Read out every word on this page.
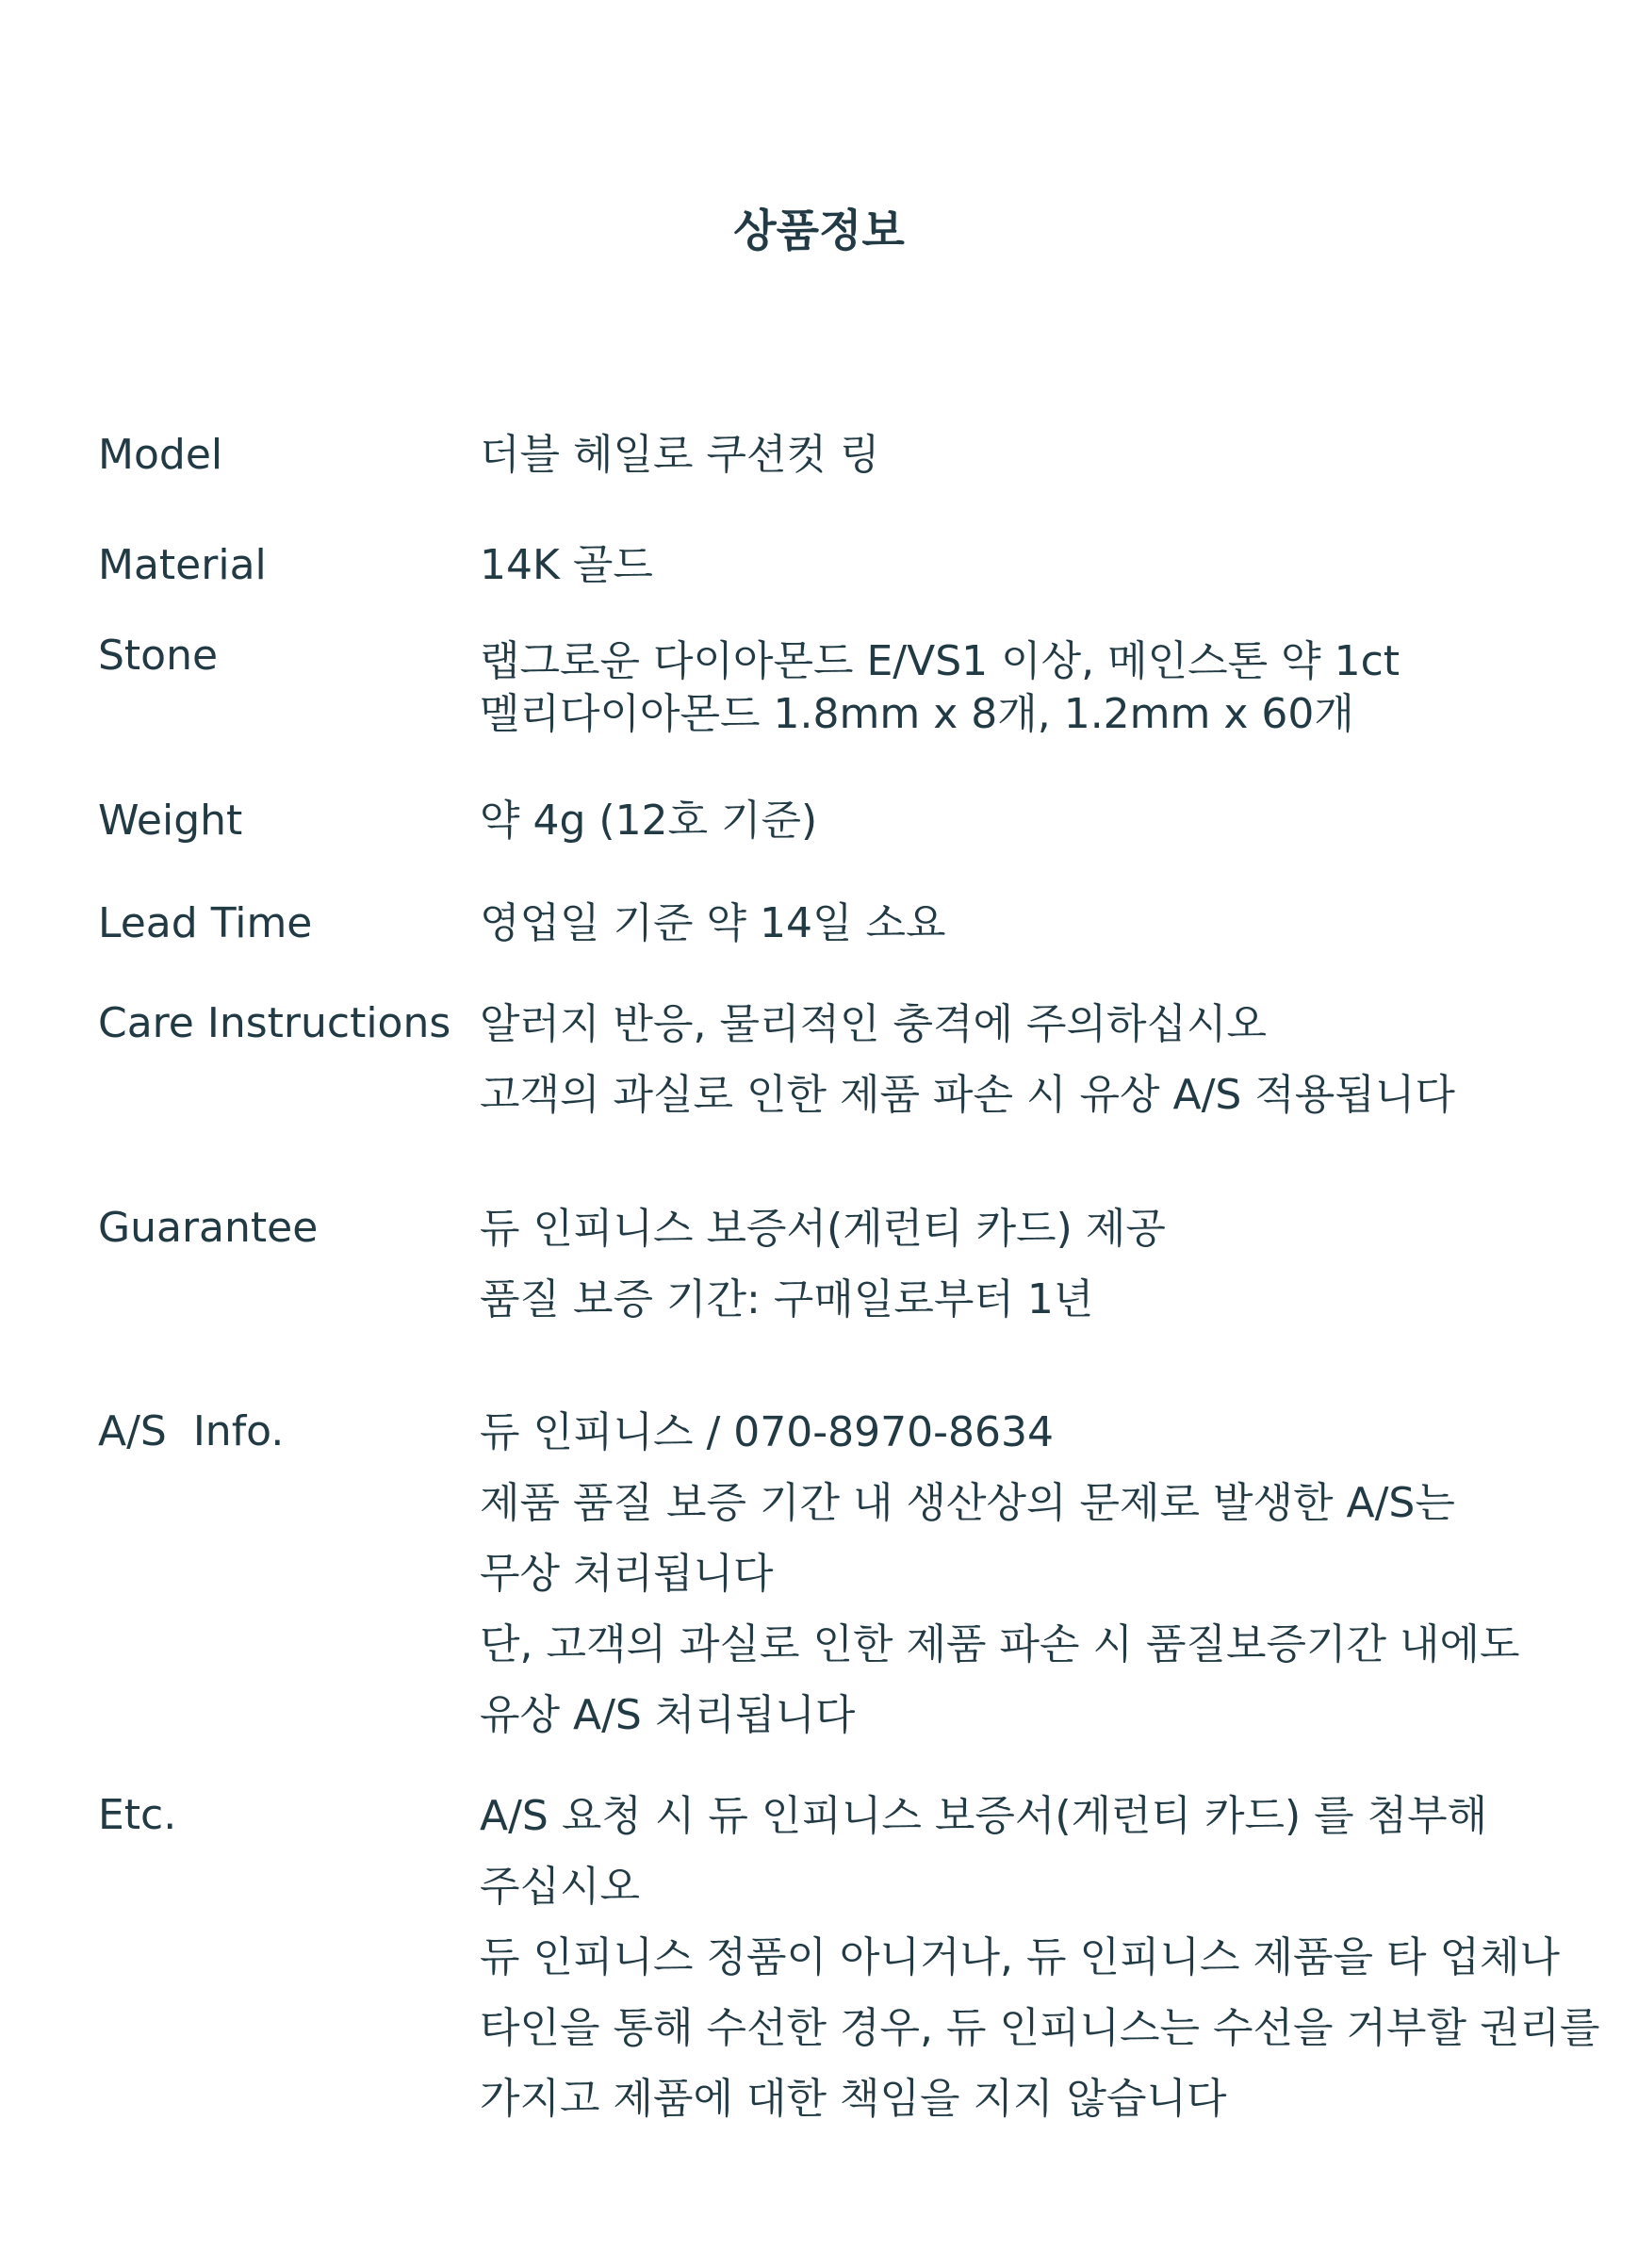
상품정보
Model	더블 헤일로 쿠션컷 링
Material	14K 골드
Stone	랩그로운 다이아몬드 E/VS1 이상, 메인스톤 약 1ct
멜리다이아몬드 1.8mm x 8개, 1.2mm x 60개
Weight	약 4g (12호 기준)
Lead Time	영업일 기준 약 14일 소요
Care Instructions 알러지 반응, 물리적인 충격에 주의하십시오
고객의 과실로 인한 제품 파손 시 유상 A/S 적용됩니다
Guarantee	듀 인피니스 보증서(게런티 카드) 제공
품질 보증 기간: 구매일로부터 1년
A/S  Info.	듀 인피니스 / 070-8970-8634
제품 품질 보증 기간 내 생산상의 문제로 발생한 A/S는
무상 처리됩니다
단, 고객의 과실로 인한 제품 파손 시 품질보증기간 내에도
유상 A/S 처리됩니다
Etc.	A/S 요청 시 듀 인피니스 보증서(게런티 카드) 를 첨부해
주십시오
듀 인피니스 정품이 아니거나, 듀 인피니스 제품을 타 업체나
타인을 통해 수선한 경우, 듀 인피니스는 수선을 거부할 권리를
가지고 제품에 대한 책임을 지지 않습니다
